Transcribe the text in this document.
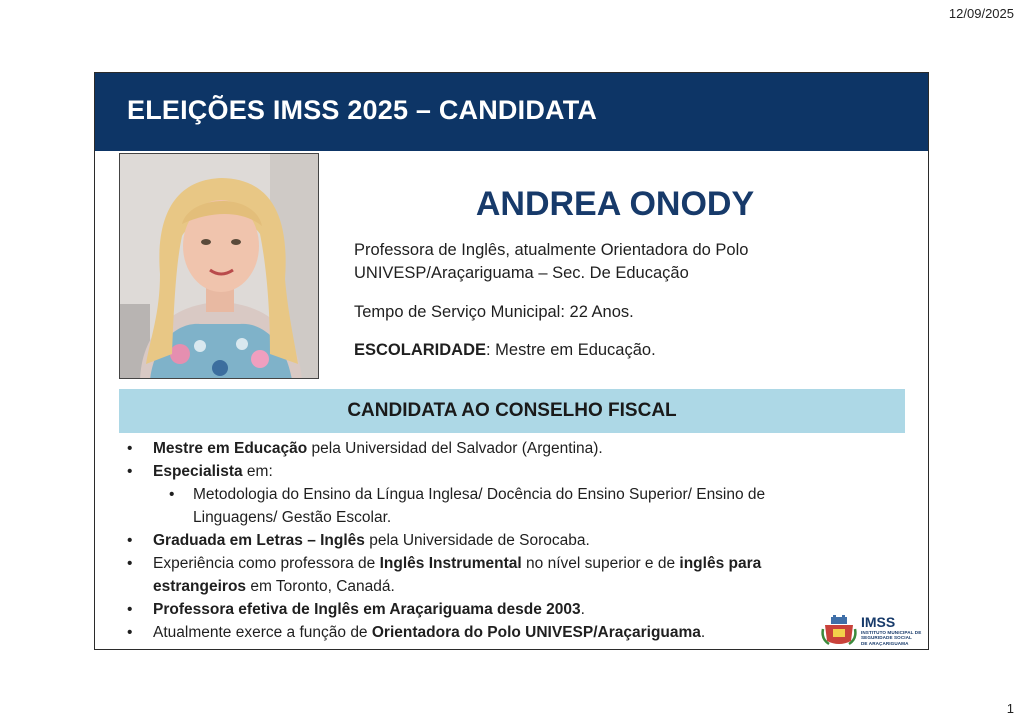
12/09/2025
ELEIÇÕES IMSS 2025 – CANDIDATA
ANDREA ONODY
Professora de Inglês, atualmente Orientadora do Polo
UNIVESP/Araçariguama – Sec. De Educação
Tempo de Serviço Municipal: 22 Anos.
ESCOLARIDADE: Mestre em Educação.
CANDIDATA AO CONSELHO FISCAL
• Mestre em Educação pela Universidad del Salvador (Argentina).
• Especialista em:
• Metodologia do Ensino da Língua Inglesa/ Docência do Ensino Superior/ Ensino de Linguagens/ Gestão Escolar.
• Graduada em Letras – Inglês pela Universidade de Sorocaba.
• Experiência como professora de Inglês Instrumental no nível superior e de inglês para estrangeiros em Toronto, Canadá.
• Professora efetiva de Inglês em Araçariguama desde 2003.
• Atualmente exerce a função de Orientadora do Polo UNIVESP/Araçariguama.
IMSS
INSTITUTO MUNICIPAL DE
SEGURIDADE SOCIAL
DE ARAÇARIGUAMA
1
